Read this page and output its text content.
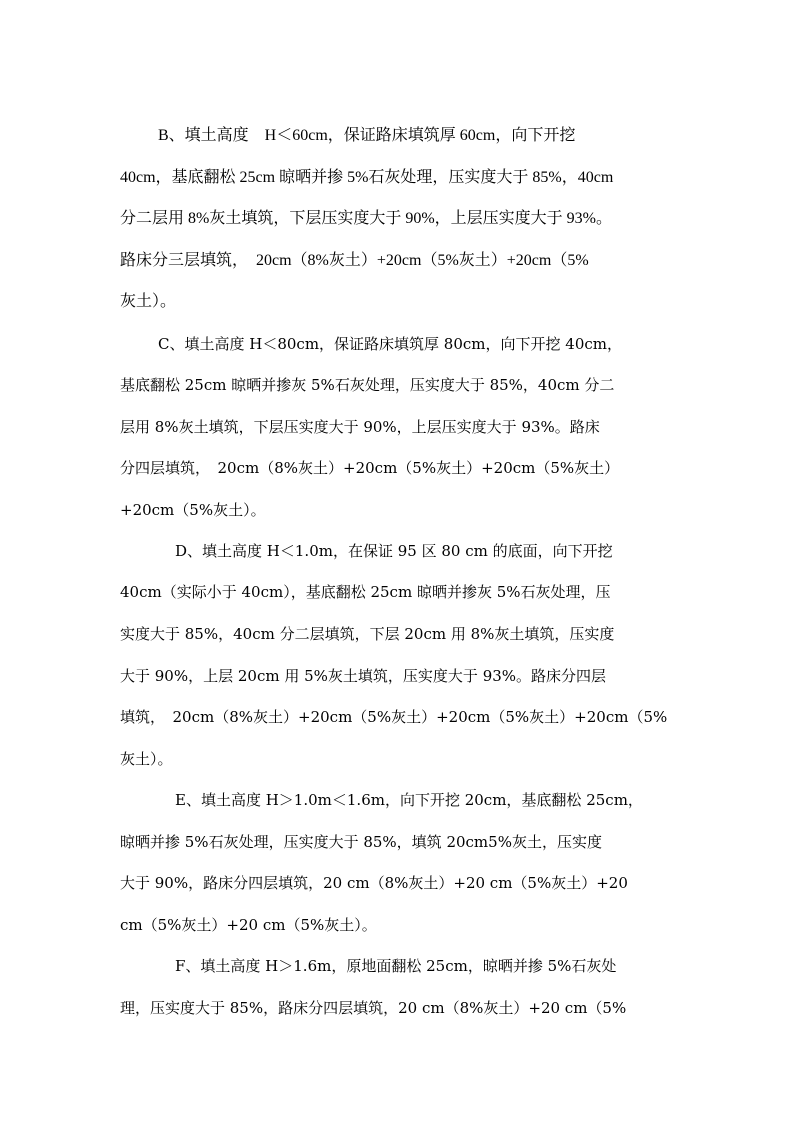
B、填土高度　H＜60cm，保证路床填筑厚 60cm，向下开挖
40cm，基底翻松 25cm 晾晒并掺 5%石灰处理，压实度大于 85%，40cm
分二层用 8%灰土填筑，下层压实度大于 90%，上层压实度大于 93%。
路床分三层填筑，　20cm（8%灰土）+20cm（5%灰土）+20cm（5%
灰土）。
C、填土高度 H＜80cm，保证路床填筑厚 80cm，向下开挖 40cm，
基底翻松 25cm 晾晒并掺灰 5%石灰处理，压实度大于 85%，40cm 分二
层用 8%灰土填筑，下层压实度大于 90%，上层压实度大于 93%。路床
分四层填筑，　20cm（8%灰土）+20cm（5%灰土）+20cm（5%灰土）
+20cm（5%灰土）。
D、填土高度 H＜1.0m，在保证 95 区 80 cm 的底面，向下开挖
40cm（实际小于 40cm），基底翻松 25cm 晾晒并掺灰 5%石灰处理，压
实度大于 85%，40cm 分二层填筑，下层 20cm 用 8%灰土填筑，压实度
大于 90%，上层 20cm 用 5%灰土填筑，压实度大于 93%。路床分四层
填筑，　20cm（8%灰土）+20cm（5%灰土）+20cm（5%灰土）+20cm（5%
灰土）。
E、填土高度 H＞1.0m＜1.6m，向下开挖 20cm，基底翻松 25cm，
晾晒并掺 5%石灰处理，压实度大于 85%，填筑 20cm5%灰土，压实度
大于 90%，路床分四层填筑，20 cm（8%灰土）+20 cm（5%灰土）+20
cm（5%灰土）+20 cm（5%灰土）。
F、填土高度 H＞1.6m，原地面翻松 25cm，晾晒并掺 5%石灰处
理，压实度大于 85%，路床分四层填筑，20 cm（8%灰土）+20 cm（5%
